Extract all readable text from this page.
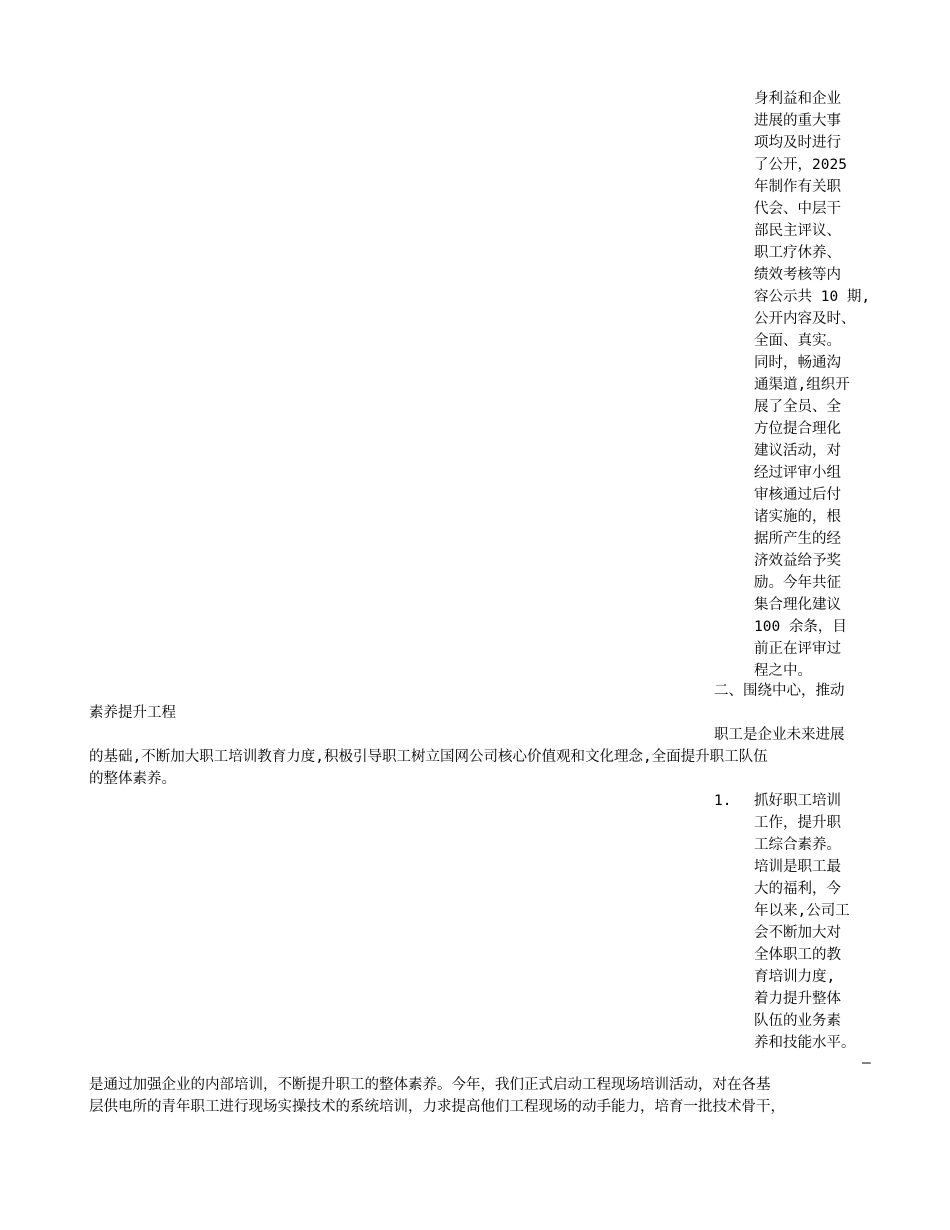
身利益和企业
进展的重大事
项均及时进行
了公开，2025
年制作有关职
代会、中层干
部民主评议、
职工疗休养、
绩效考核等内
容公示共 10 期,
公开内容及时、
全面、真实。
同时，畅通沟
通渠道,组织开
展了全员、全
方位提合理化
建议活动，对
经过评审小组
审核通过后付
诸实施的，根
据所产生的经
济效益给予奖
励。今年共征
集合理化建议
100 余条，目
前正在评审过
程之中。
二、围绕中心，推动
素养提升工程
职工是企业未来进展
的基础,不断加大职工培训教育力度,积极引导职工树立国网公司核心价值观和文化理念,全面提升职工队伍
的整体素养。
1. 抓好职工培训
工作，提升职
工综合素养。
培训是职工最
大的福利，今
年以来,公司工
会不断加大对
全体职工的教
育培训力度,
着力提升整体
队伍的业务素
养和技能水平。
—
是通过加强企业的内部培训，不断提升职工的整体素养。今年，我们正式启动工程现场培训活动，对在各基
层供电所的青年职工进行现场实操技术的系统培训，力求提高他们工程现场的动手能力，培育一批技术骨干，
